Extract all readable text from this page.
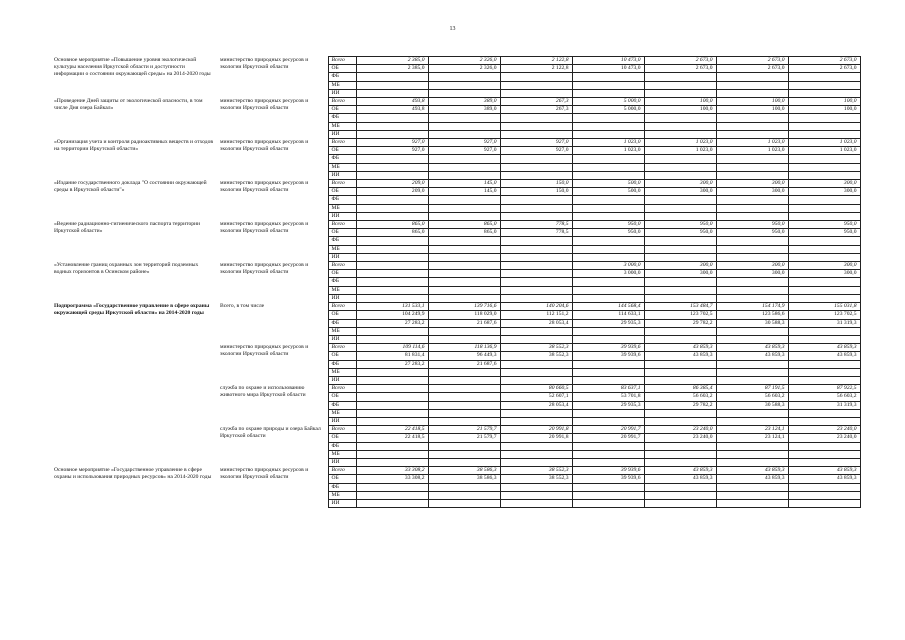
13
Основное мероприятие «Повышение уровня экологической культуры населения Иркутской области и доступности информации о состоянии окружающей среды» на 2014-2020 годы	министерство природных ресурсов и экологии Иркутской области	Всего	2 385,0	2 326,0	2 122,8	10 473,0	2 673,0	2 673,0	2 673,0
		ОБ	2 385,0	2 326,0	2 122,8	10 473,0	2 673,0	2 673,0	2 673,0
		ФБ							
		МБ							
		ИИ							
«Проведение Дней защиты от экологической опасности, в том числе Дня озера Байкал»	министерство природных ресурсов и экологии Иркутской области	Всего	493,8	389,0	267,3	5 000,0	100,0	100,0	100,0
		ОБ	493,8	389,0	267,3	5 000,0	100,0	100,0	100,0
		ФБ							
		МБ							
		ИИ							
«Организация учета и контроля радиоактивных веществ и отходов на территории Иркутской области»	министерство природных ресурсов и экологии Иркутской области	Всего	927,0	927,0	927,0	1 023,0	1 023,0	1 023,0	1 023,0
		ОБ	927,0	927,0	927,0	1 023,0	1 023,0	1 023,0	1 023,0
		ФБ							
		МБ							
		ИИ							
«Издание государственного доклада "О состоянии окружающей среды в Иркутской области"»	министерство природных ресурсов и экологии Иркутской области	Всего	209,0	145,0	150,0	500,0	300,0	300,0	300,0
		ОБ	209,0	145,0	150,0	500,0	300,0	300,0	300,0
		ФБ							
		МБ							
		ИИ							
«Ведение радиационно-гигиенического паспорта территории Иркутской области»	министерство природных ресурсов и экологии Иркутской области	Всего	865,0	865,0	778,5	950,0	950,0	950,0	950,0
		ОБ	865,0	865,0	778,5	950,0	950,0	950,0	950,0
		ФБ							
		МБ							
		ИИ							
«Установление границ охранных зон территорий подземных водных горизонтов в Осинском районе»	министерство природных ресурсов и экологии Иркутской области	Всего				3 000,0	300,0	300,0	300,0
		ОБ				3 000,0	300,0	300,0	300,0
		ФБ							
		МБ							
		ИИ							
Подпрограмма «Государственное управление в сфере охраны окружающей среды Иркутской области» на 2014-2020 годы	Всего, в том числе	Всего	131 533,1	139 716,6	140 204,6	144 568,4	153 484,7	154 174,9	155 031,8
		ОБ	104 249,9	118 029,0	112 151,2	114 633,1	123 702,5	123 586,6	123 702,5
		ФБ	27 283,2	21 687,6	28 053,4	29 935,3	29 782,2	30 588,3	31 319,3
		МБ							
		ИИ							
	министерство природных ресурсов и экологии Иркутской области	Всего	109 114,6	118 136,9	38 552,3	39 939,6	43 859,3	43 859,3	43 859,3
		ОБ	81 831,4	96 449,3	38 552,3	39 939,6	43 859,3	43 859,3	43 859,3
		ФБ	27 283,2	21 687,6					
		МБ							
		ИИ							
	служба по охране и использованию животного мира Иркутской области	Всего			80 660,5	83 637,1	86 385,4	87 191,5	87 922,5
		ОБ			52 607,1	53 701,8	56 603,2	56 603,2	56 603,2
		ФБ			28 053,4	29 935,3	29 782,2	30 588,3	31 319,3
		МБ							
		ИИ							
	служба по охране природы и озера Байкал Иркутской области	Всего	22 418,5	21 579,7	20 991,8	20 991,7	23 240,0	23 124,1	23 240,0
		ОБ	22 418,5	21 579,7	20 991,8	20 991,7	23 240,0	23 124,1	23 240,0
		ФБ							
		МБ							
		ИИ							
Основное мероприятие «Государственное управление в сфере охраны и использования природных ресурсов» на 2014-2020 годы	министерство природных ресурсов и экологии Иркутской области	Всего	33 308,2	38 586,3	38 552,3	39 939,6	43 859,3	43 859,3	43 859,3
		ОБ	33 308,2	38 586,3	38 552,3	39 939,6	43 859,3	43 859,3	43 859,3
		ФБ							
		МБ							
		ИИ							
